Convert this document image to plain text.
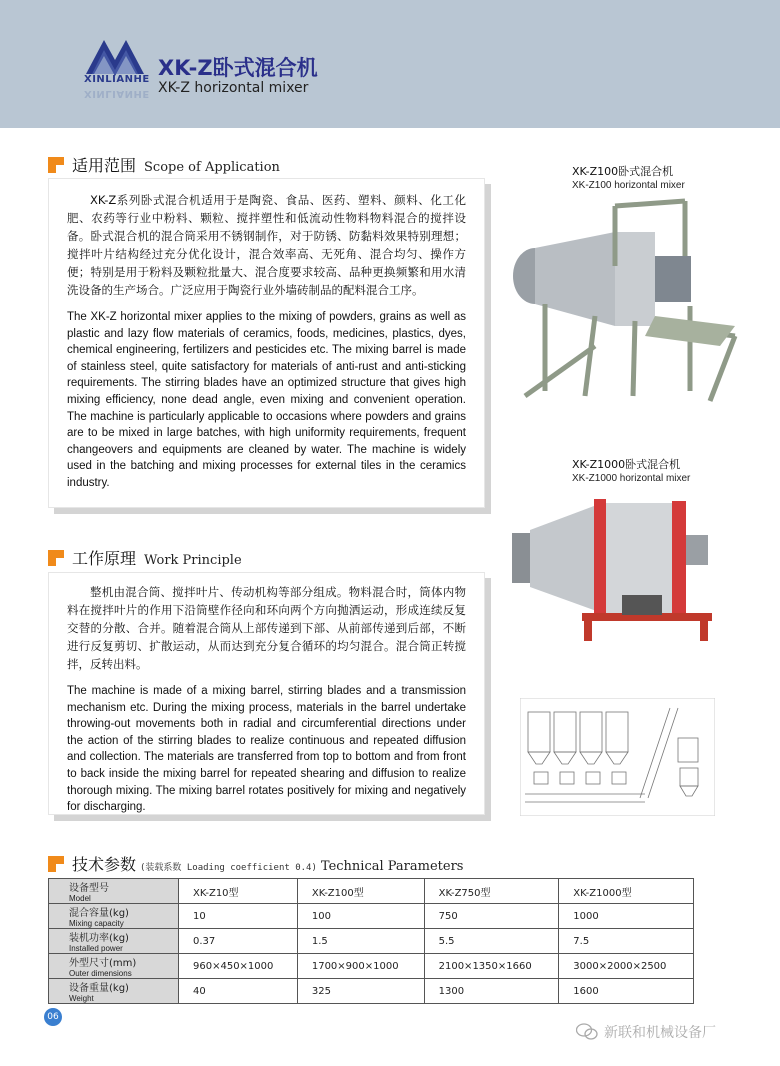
XINLIANHE
XINLIANHE
XK-Z卧式混合机
XK-Z horizontal mixer
适用范围 Scope of Application

XK-Z系列卧式混合机适用于是陶瓷、食品、医药、塑料、颜料、化工化肥、农药等行业中粉料、颗粒、搅拌塑性和低流动性物料物料混合的搅拌设备。卧式混合机的混合筒采用不锈钢制作，对于防锈、防黏料效果特别理想；搅拌叶片结构经过充分优化设计，混合效率高、无死角、混合均匀、操作方便；特别是用于粉料及颗粒批量大、混合度要求较高、品种更换频繁和用水清洗设备的生产场合。广泛应用于陶瓷行业外墙砖制品的配料混合工序。

The XK-Z horizontal mixer applies to the mixing of powders, grains as well as plastic and lazy flow materials of ceramics, foods, medicines, plastics, dyes, chemical engineering, fertilizers and pesticides etc. The mixing barrel is made of stainless steel, quite satisfactory for materials of anti-rust and anti-sticking requirements. The stirring blades have an optimized structure that gives high mixing efficiency, none dead angle, even mixing and convenient operation. The machine is particularly applicable to occasions where powders and grains are to be mixed in large batches, with high uniformity requirements, frequent changeovers and equipments are cleaned by water. The machine is widely used in the batching and mixing processes for external tiles in the ceramics industry.

XK-Z100卧式混合机
XK-Z100 horizontal mixer
XK-Z1000卧式混合机
XK-Z1000 horizontal mixer
工作原理 Work Principle

整机由混合筒、搅拌叶片、传动机构等部分组成。物料混合时，筒体内物料在搅拌叶片的作用下沿筒壁作径向和环向两个方向抛洒运动，形成连续反复交替的分散、合并。随着混合筒从上部传递到下部、从前部传递到后部，不断进行反复剪切、扩散运动，从而达到充分复合循环的均匀混合。混合筒正转搅拌，反转出料。

The machine is made of a mixing barrel, stirring blades and a transmission mechanism etc. During the mixing process, materials in the barrel undertake throwing-out movements both in radial and circumferential directions under the action of the stirring blades to realize continuous and repeated diffusion and collection. The materials are transferred from top to bottom and from front to back inside the mixing barrel for repeated shearing and diffusion to realize thorough mixing. The mixing barrel rotates positively for mixing and negatively for discharging.

技术参数 (装载系数 Loading coefficient 0.4) Technical Parameters
设备型号
Model	XK-Z10型	XK-Z100型	XK-Z750型	XK-Z1000型

混合容量(kg)
Mixing capacity	10	100	750	1000

装机功率(kg)
Installed power	0.37	1.5	5.5	7.5

外型尺寸(mm)
Outer dimensions	960×450×1000	1700×900×1000	2100×1350×1660	3000×2000×2500

设备重量(kg)
Weight	40	325	1300	1600
06
新联和机械设备厂
